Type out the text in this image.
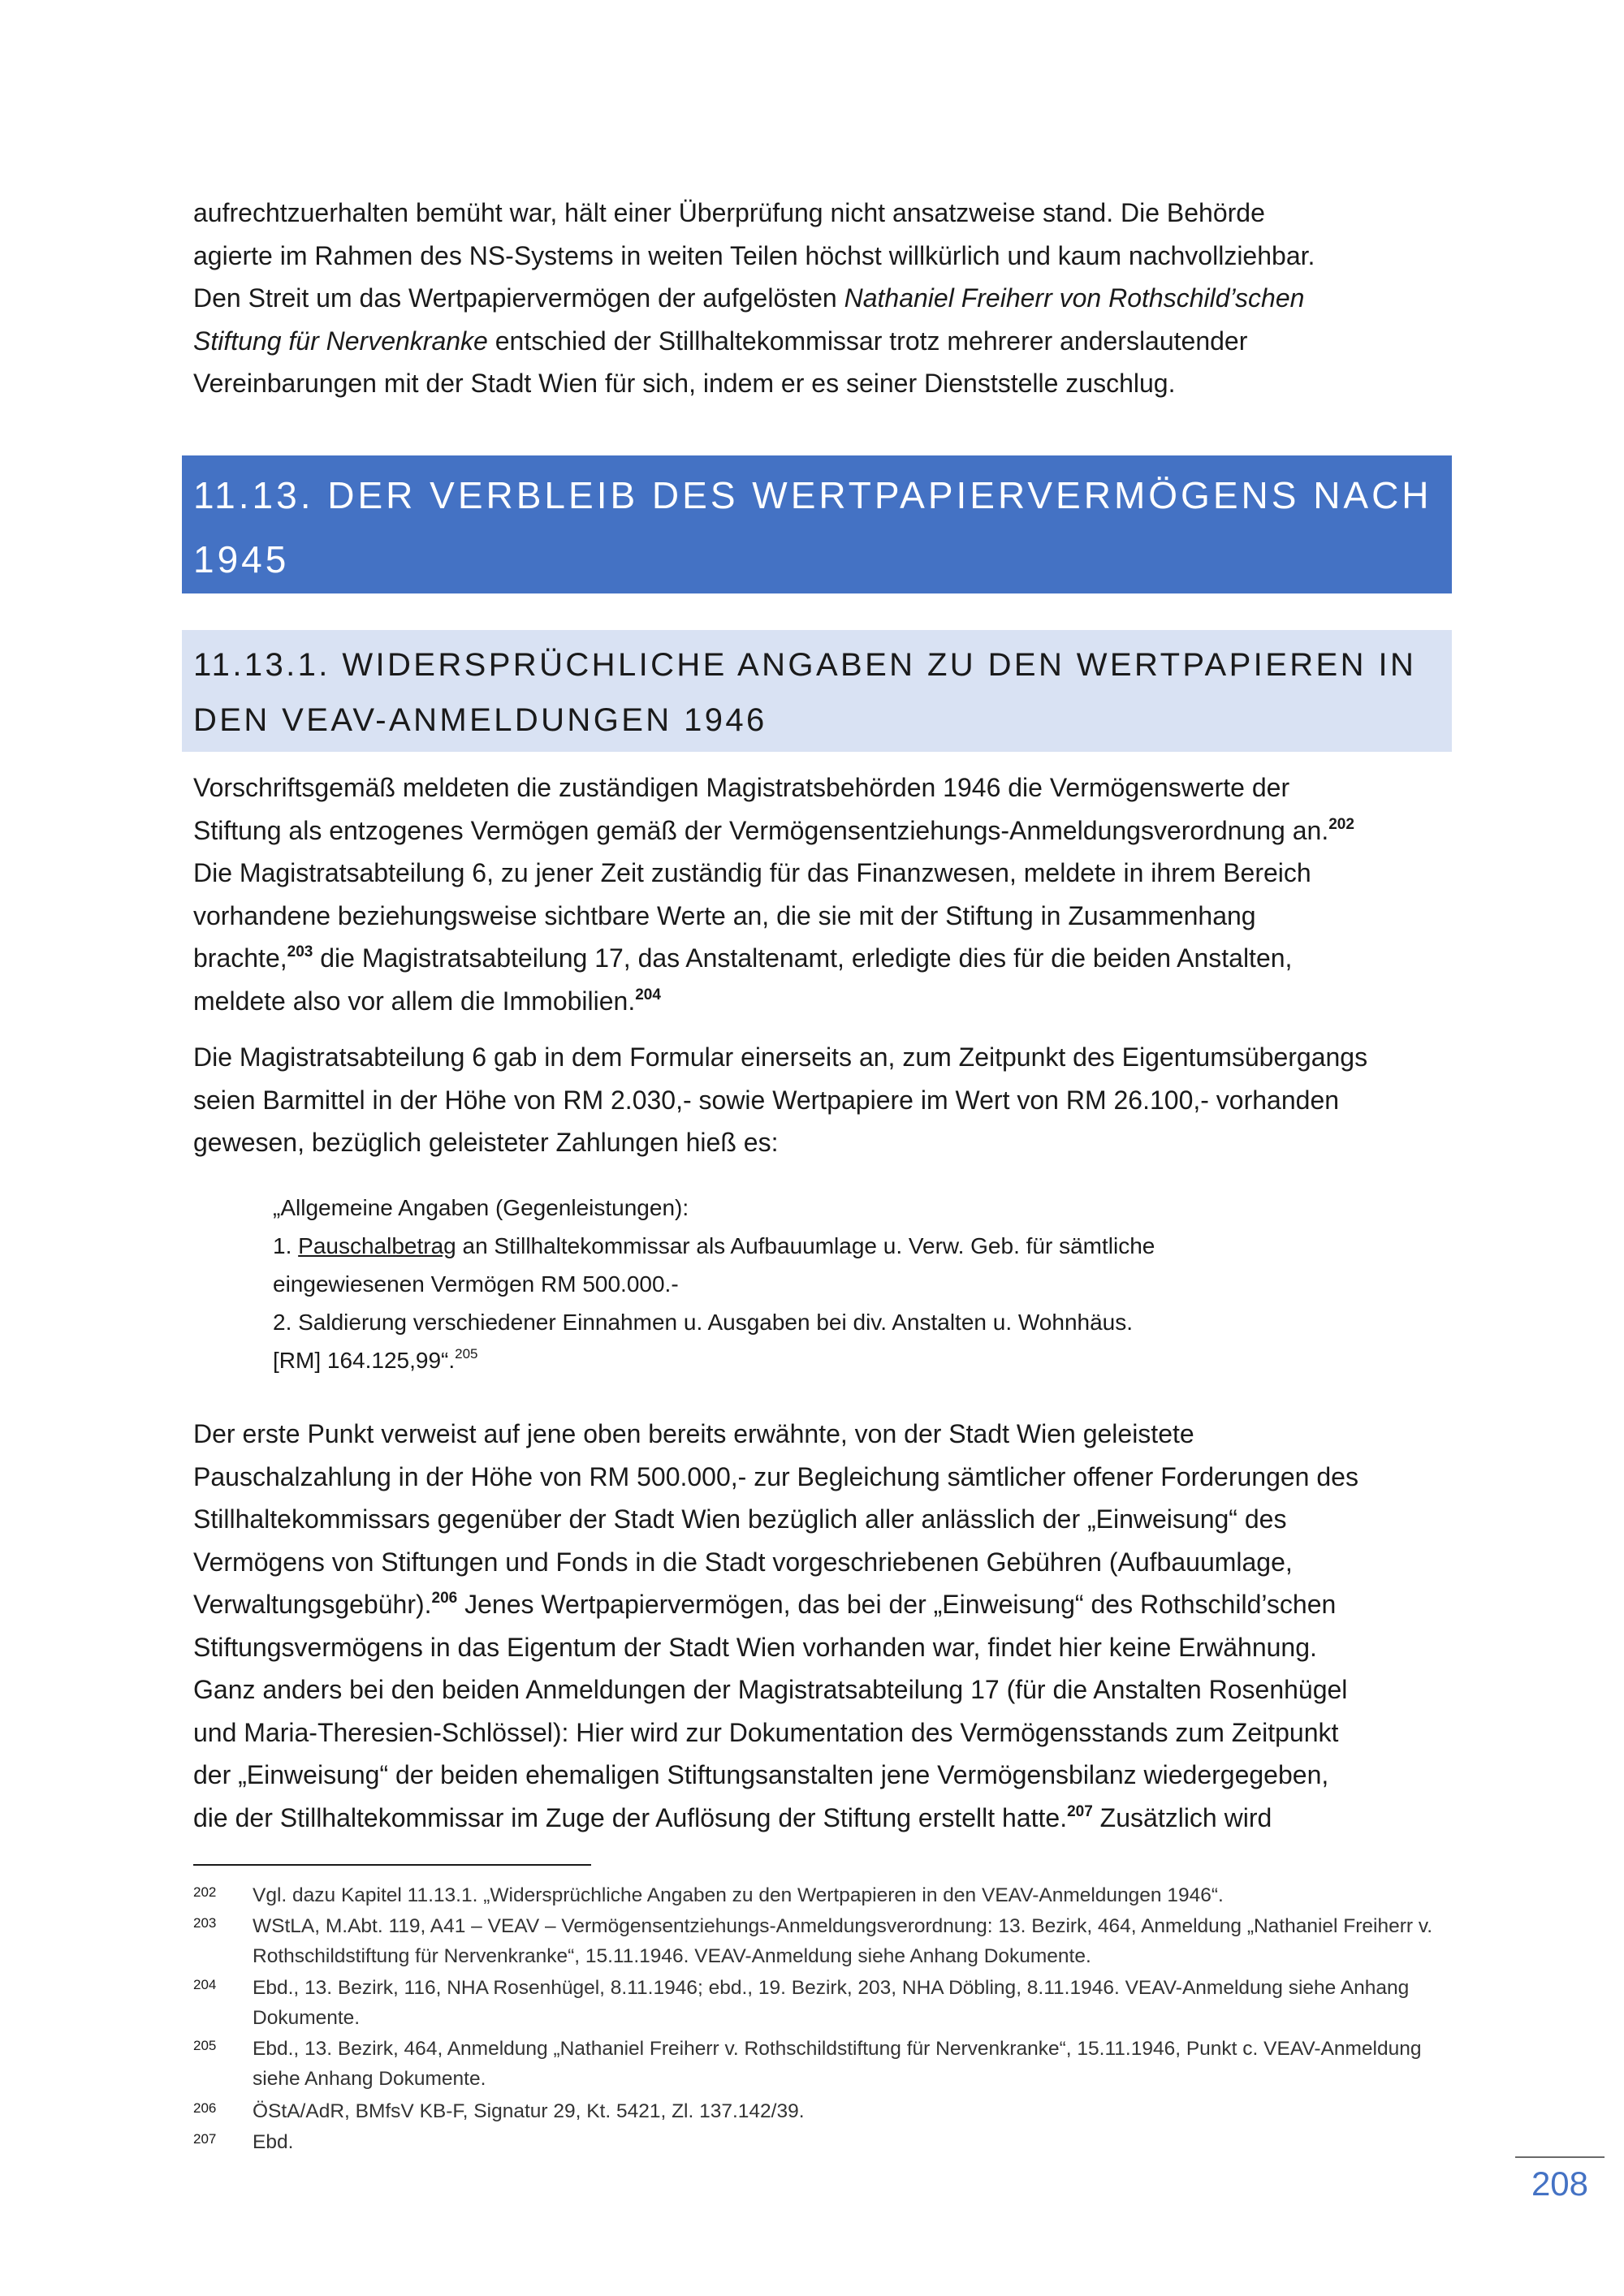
aufrechtzuerhalten bemüht war, hält einer Überprüfung nicht ansatzweise stand. Die Behörde

agierte im Rahmen des NS-Systems in weiten Teilen höchst willkürlich und kaum nachvollziehbar.

Den Streit um das Wertpapiervermögen der aufgelösten Nathaniel Freiherr von Rothschild’schen

Stiftung für Nervenkranke entschied der Stillhaltekommissar trotz mehrerer anderslautender

Vereinbarungen mit der Stadt Wien für sich, indem er es seiner Dienststelle zuschlug.

11.13. DER VERBLEIB DES WERTPAPIERVERMÖGENS NACH
1945
11.13.1. WIDERSPRÜCHLICHE ANGABEN ZU DEN WERTPAPIEREN IN
DEN VEAV-ANMELDUNGEN 1946

Vorschriftsgemäß meldeten die zuständigen Magistratsbehörden 1946 die Vermögenswerte der

Stiftung als entzogenes Vermögen gemäß der Vermögensentziehungs-Anmeldungsverordnung an.$^{202}$

Die Magistratsabteilung 6, zu jener Zeit zuständig für das Finanzwesen, meldete in ihrem Bereich

vorhandene beziehungsweise sichtbare Werte an, die sie mit der Stiftung in Zusammenhang

brachte,$^{203}$ die Magistratsabteilung 17, das Anstaltenamt, erledigte dies für die beiden Anstalten,

meldete also vor allem die Immobilien.$^{204}$

Die Magistratsabteilung 6 gab in dem Formular einerseits an, zum Zeitpunkt des Eigentumsübergangs

seien Barmittel in der Höhe von RM 2.030,- sowie Wertpapiere im Wert von RM 26.100,- vorhanden

gewesen, bezüglich geleisteter Zahlungen hieß es:

„Allgemeine Angaben (Gegenleistungen):
1. Pauschalbetrag an Stillhaltekommissar als Aufbauumlage u. Verw. Geb. für sämtliche
eingewiesenen Vermögen RM 500.000.-
2. Saldierung verschiedener Einnahmen u. Ausgaben bei div. Anstalten u. Wohnhäus.
[RM] 164.125,99“.$^{205}$

Der erste Punkt verweist auf jene oben bereits erwähnte, von der Stadt Wien geleistete

Pauschalzahlung in der Höhe von RM 500.000,- zur Begleichung sämtlicher offener Forderungen des

Stillhaltekommissars gegenüber der Stadt Wien bezüglich aller anlässlich der „Einweisung“ des

Vermögens von Stiftungen und Fonds in die Stadt vorgeschriebenen Gebühren (Aufbauumlage,

Verwaltungsgebühr).$^{206}$ Jenes Wertpapiervermögen, das bei der „Einweisung“ des Rothschild’schen

Stiftungsvermögens in das Eigentum der Stadt Wien vorhanden war, findet hier keine Erwähnung.

Ganz anders bei den beiden Anmeldungen der Magistratsabteilung 17 (für die Anstalten Rosenhügel

und Maria-Theresien-Schlössel): Hier wird zur Dokumentation des Vermögensstands zum Zeitpunkt

der „Einweisung“ der beiden ehemaligen Stiftungsanstalten jene Vermögensbilanz wiedergegeben,

die der Stillhaltekommissar im Zuge der Auflösung der Stiftung erstellt hatte.$^{207}$ Zusätzlich wird

202 Vgl. dazu Kapitel 11.13.1. „Widersprüchliche Angaben zu den Wertpapieren in den VEAV-Anmeldungen 1946“.
203 WStLA, M.Abt. 119, A41 – VEAV – Vermögensentziehungs-Anmeldungsverordnung: 13. Bezirk, 464, Anmeldung „Nathaniel Freiherr v. Rothschildstiftung für Nervenkranke“, 15.11.1946. VEAV-Anmeldung siehe Anhang Dokumente.
204 Ebd., 13. Bezirk, 116, NHA Rosenhügel, 8.11.1946; ebd., 19. Bezirk, 203, NHA Döbling, 8.11.1946. VEAV-Anmeldung siehe Anhang Dokumente.
205 Ebd., 13. Bezirk, 464, Anmeldung „Nathaniel Freiherr v. Rothschildstiftung für Nervenkranke“, 15.11.1946, Punkt c. VEAV-Anmeldung siehe Anhang Dokumente.
206 ÖStA/AdR, BMfsV KB-F, Signatur 29, Kt. 5421, Zl. 137.142/39.
207 Ebd.
208
